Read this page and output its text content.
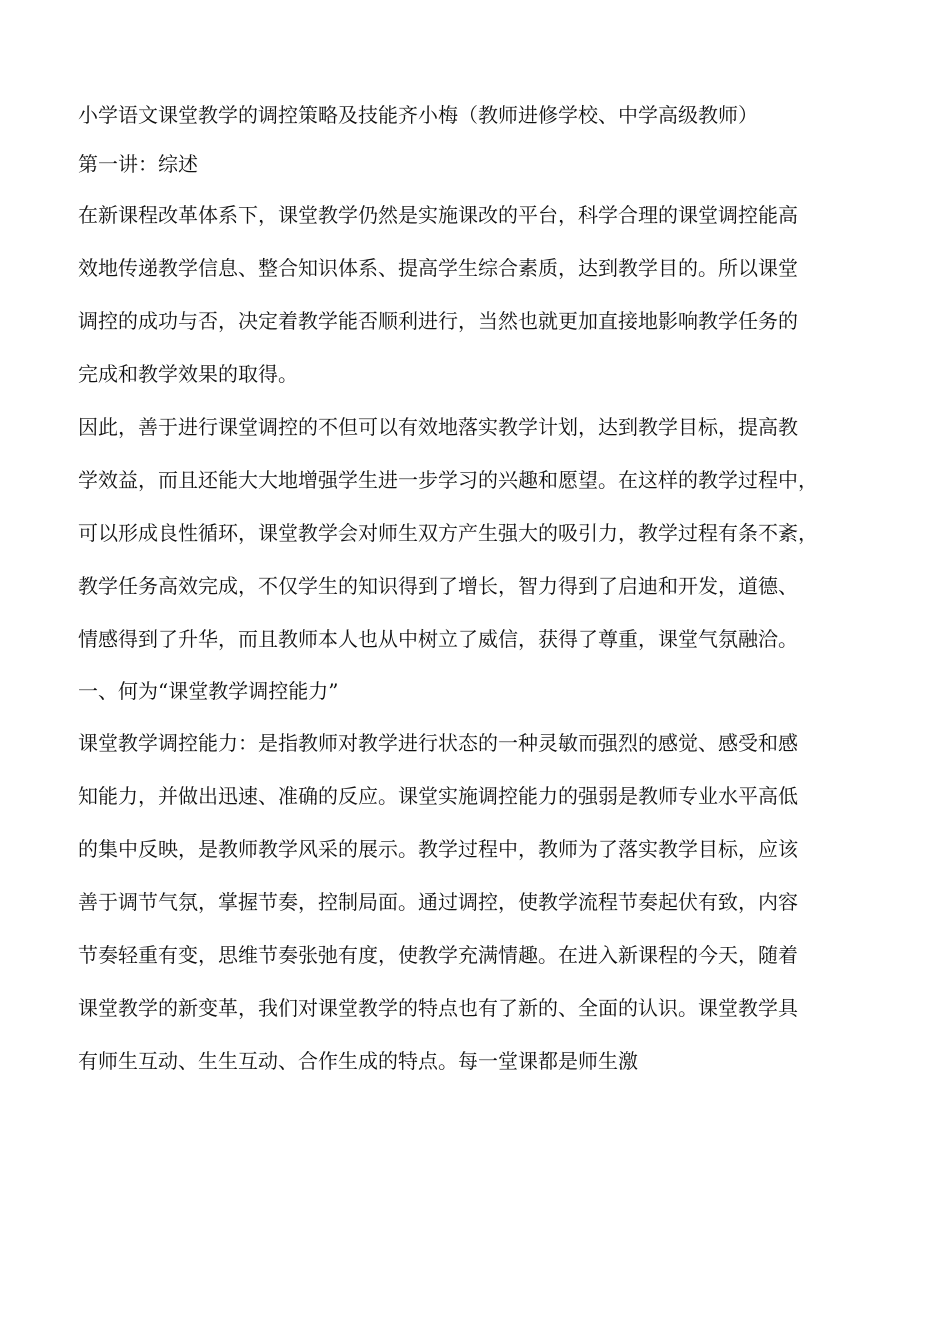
小学语文课堂教学的调控策略及技能齐小梅（教师进修学校、中学高级教师）

第一讲：综述

在新课程改革体系下，课堂教学仍然是实施课改的平台，科学合理的课堂调控能高

效地传递教学信息、整合知识体系、提高学生综合素质，达到教学目的。所以课堂

调控的成功与否，决定着教学能否顺利进行，当然也就更加直接地影响教学任务的

完成和教学效果的取得。

因此，善于进行课堂调控的不但可以有效地落实教学计划，达到教学目标，提高教

学效益，而且还能大大地增强学生进一步学习的兴趣和愿望。在这样的教学过程中，

可以形成良性循环，课堂教学会对师生双方产生强大的吸引力，教学过程有条不紊，

教学任务高效完成，不仅学生的知识得到了增长，智力得到了启迪和开发，道德、

情感得到了升华，而且教师本人也从中树立了威信，获得了尊重，课堂气氛融洽。

一、何为“课堂教学调控能力”

课堂教学调控能力：是指教师对教学进行状态的一种灵敏而强烈的感觉、感受和感

知能力，并做出迅速、准确的反应。课堂实施调控能力的强弱是教师专业水平高低

的集中反映，是教师教学风采的展示。教学过程中，教师为了落实教学目标，应该

善于调节气氛，掌握节奏，控制局面。通过调控，使教学流程节奏起伏有致，内容

节奏轻重有变，思维节奏张弛有度，使教学充满情趣。在进入新课程的今天，随着

课堂教学的新变革，我们对课堂教学的特点也有了新的、全面的认识。课堂教学具

有师生互动、生生互动、合作生成的特点。每一堂课都是师生激
